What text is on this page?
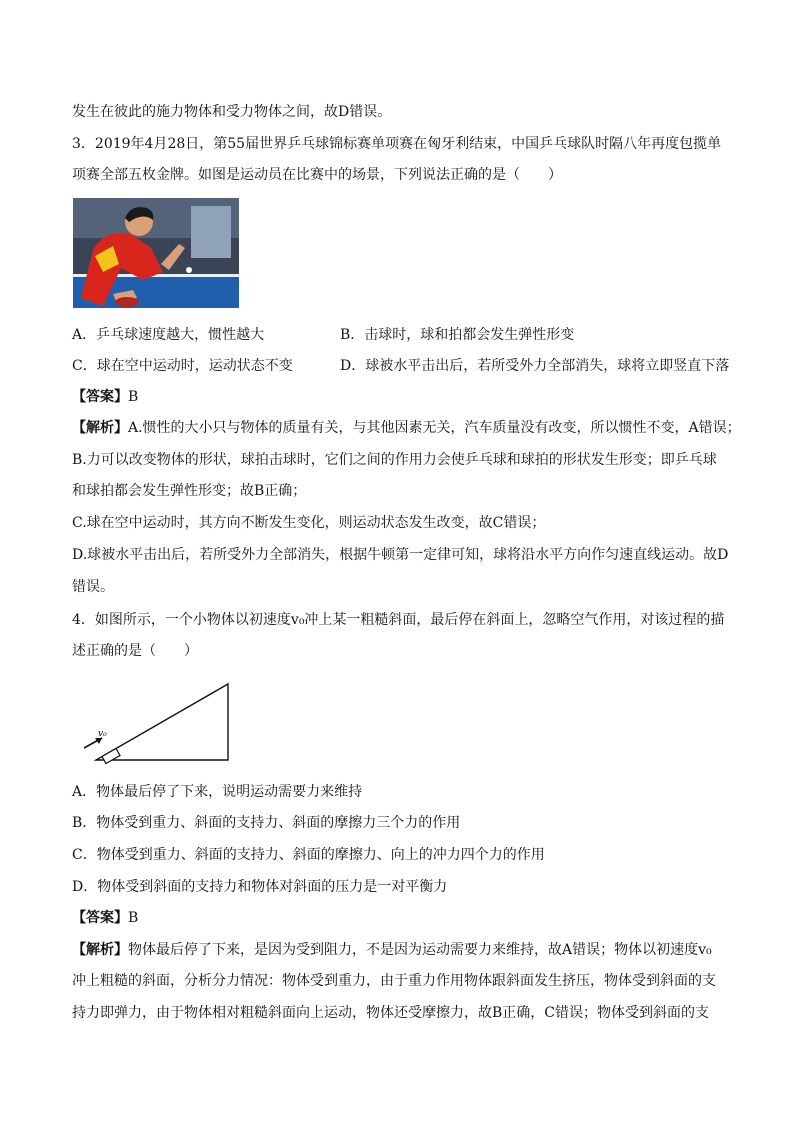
发生在彼此的施力物体和受力物体之间，故D错误。
3．2019年4月28日，第55届世界乒乓球锦标赛单项赛在匈牙利结束，中国乒乓球队时隔八年再度包揽单
项赛全部五枚金牌。如图是运动员在比赛中的场景，下列说法正确的是（　　）
A．乒乓球速度越大，惯性越大	B．击球时，球和拍都会发生弹性形变
C．球在空中运动时，运动状态不变	D．球被水平击出后，若所受外力全部消失，球将立即竖直下落
【答案】B
【解析】A.惯性的大小只与物体的质量有关，与其他因素无关，汽车质量没有改变，所以惯性不变，A错误；
B.力可以改变物体的形状，球拍击球时，它们之间的作用力会使乒乓球和球拍的形状发生形变；即乒乓球
和球拍都会发生弹性形变；故B正确；
C.球在空中运动时，其方向不断发生变化，则运动状态发生改变，故C错误；
D.球被水平击出后，若所受外力全部消失，根据牛顿第一定律可知，球将沿水平方向作匀速直线运动。故D
错误。
4．如图所示，一个小物体以初速度v₀冲上某一粗糙斜面，最后停在斜面上，忽略空气作用，对该过程的描
述正确的是（　　）
v₀
A．物体最后停了下来，说明运动需要力来维持
B．物体受到重力、斜面的支持力、斜面的摩擦力三个力的作用
C．物体受到重力、斜面的支持力、斜面的摩擦力、向上的冲力四个力的作用
D．物体受到斜面的支持力和物体对斜面的压力是一对平衡力
【答案】B
【解析】物体最后停了下来，是因为受到阻力，不是因为运动需要力来维持，故A错误；物体以初速度v₀
冲上粗糙的斜面，分析分力情况：物体受到重力，由于重力作用物体跟斜面发生挤压，物体受到斜面的支
持力即弹力，由于物体相对粗糙斜面向上运动，物体还受摩擦力，故B正确，C错误；物体受到斜面的支
